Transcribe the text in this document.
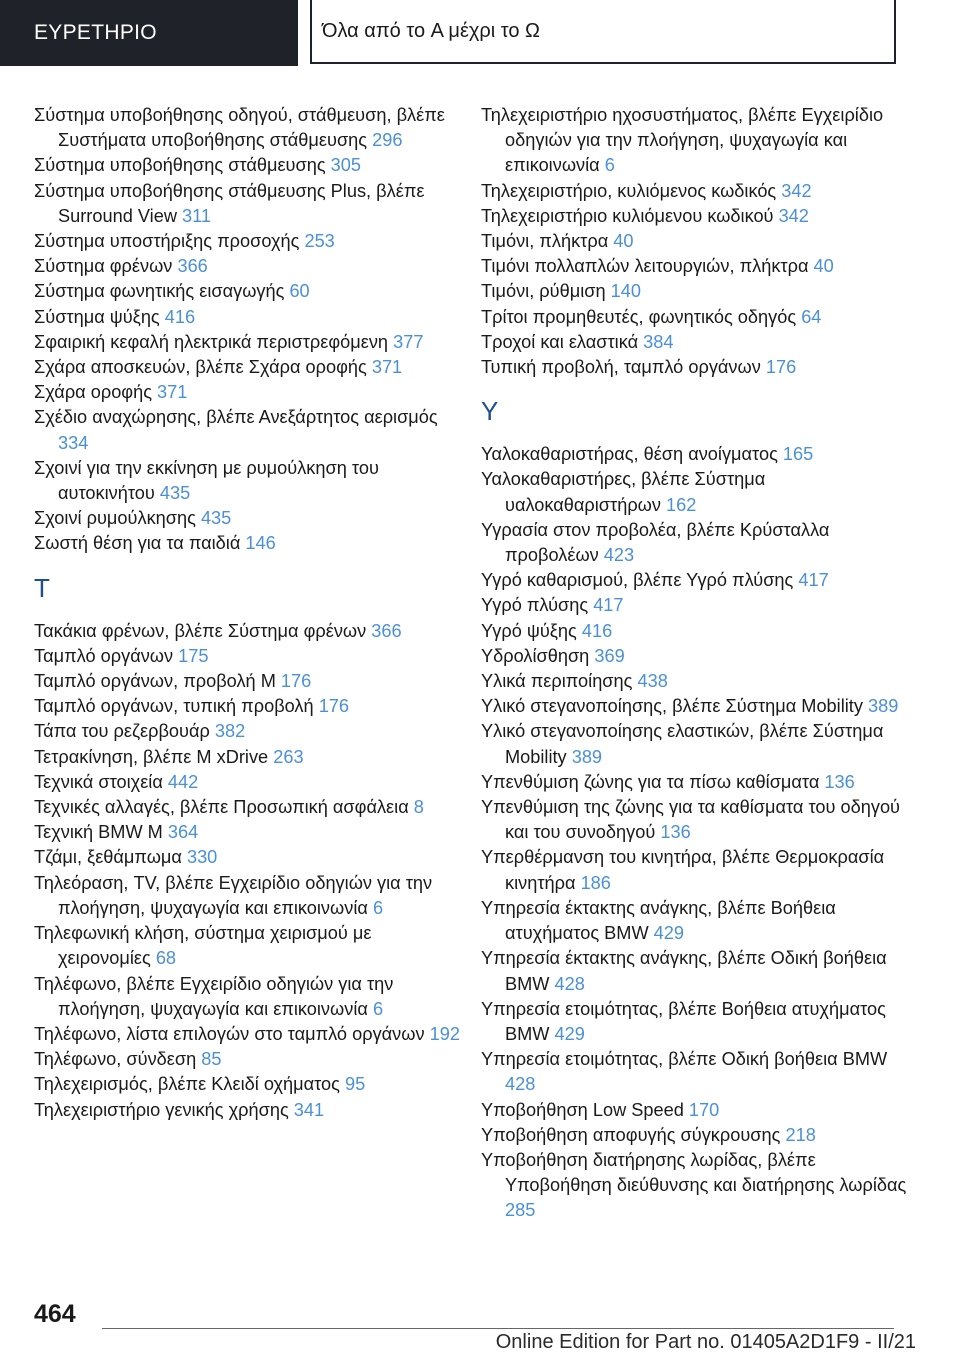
ΕΥΡΕΤΗΡΙΟ	Όλα από το A μέχρι το Ω
Σύστημα υποβοήθησης οδηγού, στάθμευση, βλέπε Συστήματα υποβοήθησης στάθμευσης 296
Σύστημα υποβοήθησης στάθμευσης 305
Σύστημα υποβοήθησης στάθμευσης Plus, βλέπε Surround View 311
Σύστημα υποστήριξης προσοχής 253
Σύστημα φρένων 366
Σύστημα φωνητικής εισαγωγής 60
Σύστημα ψύξης 416
Σφαιρική κεφαλή ηλεκτρικά περιστρεφόμενη 377
Σχάρα αποσκευών, βλέπε Σχάρα οροφής 371
Σχάρα οροφής 371
Σχέδιο αναχώρησης, βλέπε Ανεξάρτητος αερισμός 334
Σχοινί για την εκκίνηση με ρυμούλκηση του αυτοκινήτου 435
Σχοινί ρυμούλκησης 435
Σωστή θέση για τα παιδιά 146
Τ
Τακάκια φρένων, βλέπε Σύστημα φρένων 366
Ταμπλό οργάνων 175
Ταμπλό οργάνων, προβολή M 176
Ταμπλό οργάνων, τυπική προβολή 176
Τάπα του ρεζερβουάρ 382
Τετρακίνηση, βλέπε M xDrive 263
Τεχνικά στοιχεία 442
Τεχνικές αλλαγές, βλέπε Προσωπική ασφάλεια 8
Τεχνική BMW M 364
Τζάμι, ξεθάμπωμα 330
Τηλεόραση, TV, βλέπε Εγχειρίδιο οδηγιών για την πλοήγηση, ψυχαγωγία και επικοινωνία 6
Τηλεφωνική κλήση, σύστημα χειρισμού με χειρονομίες 68
Τηλέφωνο, βλέπε Εγχειρίδιο οδηγιών για την πλοήγηση, ψυχαγωγία και επικοινωνία 6
Τηλέφωνο, λίστα επιλογών στο ταμπλό οργάνων 192
Τηλέφωνο, σύνδεση 85
Τηλεχειρισμός, βλέπε Κλειδί οχήματος 95
Τηλεχειριστήριο γενικής χρήσης 341
Τηλεχειριστήριο ηχοσυστήματος, βλέπε Εγχειρίδιο οδηγιών για την πλοήγηση, ψυχαγωγία και επικοινωνία 6
Τηλεχειριστήριο, κυλιόμενος κωδικός 342
Τηλεχειριστήριο κυλιόμενου κωδικού 342
Τιμόνι, πλήκτρα 40
Τιμόνι πολλαπλών λειτουργιών, πλήκτρα 40
Τιμόνι, ρύθμιση 140
Τρίτοι προμηθευτές, φωνητικός οδηγός 64
Τροχοί και ελαστικά 384
Τυπική προβολή, ταμπλό οργάνων 176
Υ
Υαλοκαθαριστήρας, θέση ανοίγματος 165
Υαλοκαθαριστήρες, βλέπε Σύστημα υαλοκαθαριστήρων 162
Υγρασία στον προβολέα, βλέπε Κρύσταλλα προβολέων 423
Υγρό καθαρισμού, βλέπε Υγρό πλύσης 417
Υγρό πλύσης 417
Υγρό ψύξης 416
Υδρολίσθηση 369
Υλικά περιποίησης 438
Υλικό στεγανοποίησης, βλέπε Σύστημα Mobility 389
Υλικό στεγανοποίησης ελαστικών, βλέπε Σύστημα Mobility 389
Υπενθύμιση ζώνης για τα πίσω καθίσματα 136
Υπενθύμιση της ζώνης για τα καθίσματα του οδηγού και του συνοδηγού 136
Υπερθέρμανση του κινητήρα, βλέπε Θερμοκρασία κινητήρα 186
Υπηρεσία έκτακτης ανάγκης, βλέπε Βοήθεια ατυχήματος BMW 429
Υπηρεσία έκτακτης ανάγκης, βλέπε Οδική βοήθεια BMW 428
Υπηρεσία ετοιμότητας, βλέπε Βοήθεια ατυχήματος BMW 429
Υπηρεσία ετοιμότητας, βλέπε Οδική βοήθεια BMW 428
Υποβοήθηση Low Speed 170
Υποβοήθηση αποφυγής σύγκρουσης 218
Υποβοήθηση διατήρησης λωρίδας, βλέπε Υποβοήθηση διεύθυνσης και διατήρησης λωρίδας 285
464
Online Edition for Part no. 01405A2D1F9 - II/21
